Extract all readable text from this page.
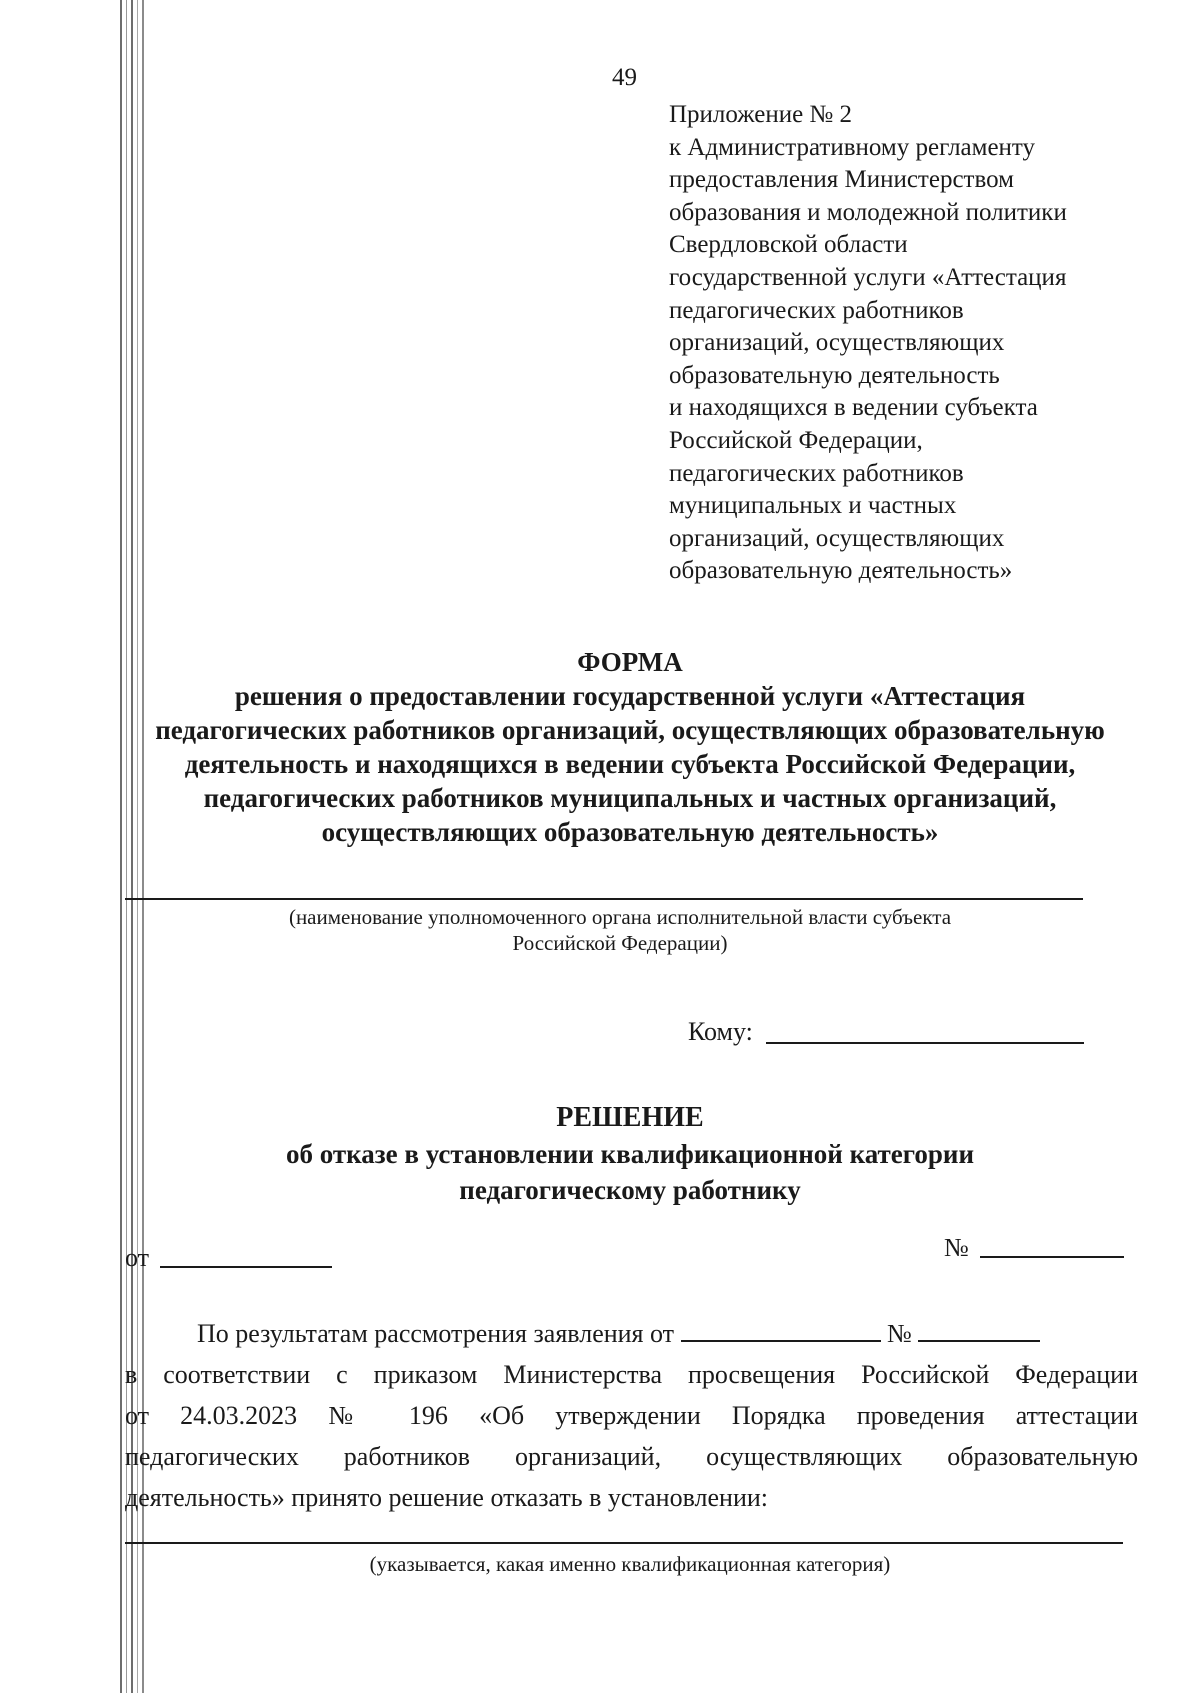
49
Приложение № 2
к Административному регламенту
предоставления Министерством
образования и молодежной политики
Свердловской области
государственной услуги «Аттестация
педагогических работников
организаций, осуществляющих
образовательную деятельность
и находящихся в ведении субъекта
Российской Федерации,
педагогических работников
муниципальных и частных
организаций, осуществляющих
образовательную деятельность»
ФОРМА
решения о предоставлении государственной услуги «Аттестация
педагогических работников организаций, осуществляющих образовательную
деятельность и находящихся в ведении субъекта Российской Федерации,
педагогических работников муниципальных и частных организаций,
осуществляющих образовательную деятельность»
(наименование уполномоченного органа исполнительной власти субъекта
Российской Федерации)
Кому:
РЕШЕНИЕ
об отказе в установлении квалификационной категории
педагогическому работнику
от	№
По результатам рассмотрения заявления от	№
в соответствии с приказом Министерства просвещения Российской Федерации
от 24.03.2023 № 196 «Об утверждении Порядка проведения аттестации
педагогических работников организаций, осуществляющих образовательную
деятельность» принято решение отказать в установлении:
(указывается, какая именно квалификационная категория)
